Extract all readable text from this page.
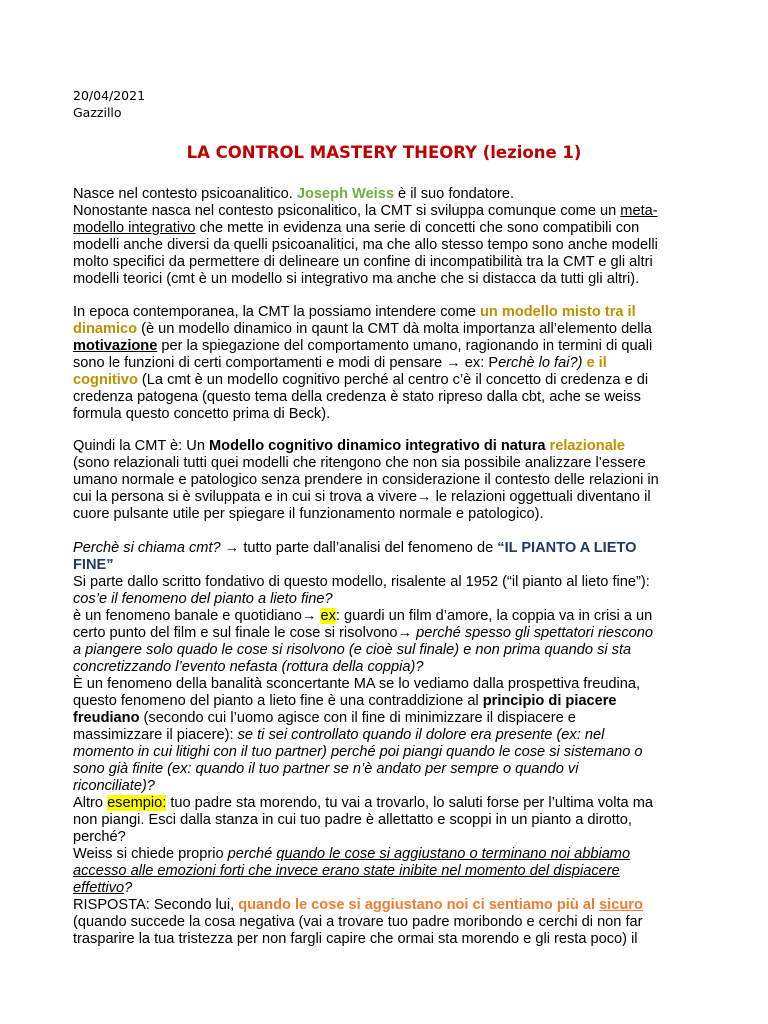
20/04/2021
Gazzillo
LA CONTROL MASTERY THEORY (lezione 1)
Nasce nel contesto psicoanalitico. Joseph Weiss è il suo fondatore.
Nonostante nasca nel contesto psiconalitico, la CMT si sviluppa comunque come un meta-
modello integrativo che mette in evidenza una serie di concetti che sono compatibili con
modelli anche diversi da quelli psicoanalitici, ma che allo stesso tempo sono anche modelli
molto specifici da permettere di delineare un confine di incompatibilità tra la CMT e gli altri
modelli teorici (cmt è un modello si integrativo ma anche che si distacca da tutti gli altri).
In epoca contemporanea, la CMT la possiamo intendere come un modello misto tra il
dinamico (è un modello dinamico in qaunt la CMT dà molta importanza all’elemento della
motivazione per la spiegazione del comportamento umano, ragionando in termini di quali
sono le funzioni di certi comportamenti e modi di pensare → ex: Perchè lo fai?) e il
cognitivo (La cmt è un modello cognitivo perché al centro c’è il concetto di credenza e di
credenza patogena (questo tema della credenza è stato ripreso dalla cbt, ache se weiss
formula questo concetto prima di Beck).
Quindi la CMT è: Un Modello cognitivo dinamico integrativo di natura relazionale
(sono relazionali tutti quei modelli che ritengono che non sia possibile analizzare l’essere
umano normale e patologico senza prendere in considerazione il contesto delle relazioni in
cui la persona si è sviluppata e in cui si trova a vivere→ le relazioni oggettuali diventano il
cuore pulsante utile per spiegare il funzionamento normale e patologico).
Perchè si chiama cmt? → tutto parte dall’analisi del fenomeno de “IL PIANTO A LIETO
FINE”
Si parte dallo scritto fondativo di questo modello, risalente al 1952 (“il pianto al lieto fine”):
cos’e il fenomeno del pianto a lieto fine?
è un fenomeno banale e quotidiano→ ex: guardi un film d’amore, la coppia va in crisi a un
certo punto del film e sul finale le cose si risolvono→ perché spesso gli spettatori riescono
a piangere solo quado le cose si risolvono (e cioè sul finale) e non prima quando si sta
concretizzando l’evento nefasta (rottura della coppia)?
È un fenomeno della banalità sconcertante MA se lo vediamo dalla prospettiva freudina,
questo fenomeno del pianto a lieto fine è una contraddizione al principio di piacere
freudiano (secondo cui l’uomo agisce con il fine di minimizzare il dispiacere e
massimizzare il piacere): se ti sei controllato quando il dolore era presente (ex: nel
momento in cui litighi con il tuo partner) perché poi piangi quando le cose si sistemano o
sono già finite (ex: quando il tuo partner se n’è andato per sempre o quando vi
riconciliate)?
Altro esempio: tuo padre sta morendo, tu vai a trovarlo, lo saluti forse per l’ultima volta ma
non piangi. Esci dalla stanza in cui tuo padre è allettatto e scoppi in un pianto a dirotto,
perché?
Weiss si chiede proprio perché quando le cose si aggiustano o terminano noi abbiamo
accesso alle emozioni forti che invece erano state inibite nel momento del dispiacere
effettivo?
RISPOSTA: Secondo lui, quando le cose si aggiustano noi ci sentiamo più al sicuro
(quando succede la cosa negativa (vai a trovare tuo padre moribondo e cerchi di non far
trasparire la tua tristezza per non fargli capire che ormai sta morendo e gli resta poco) il
